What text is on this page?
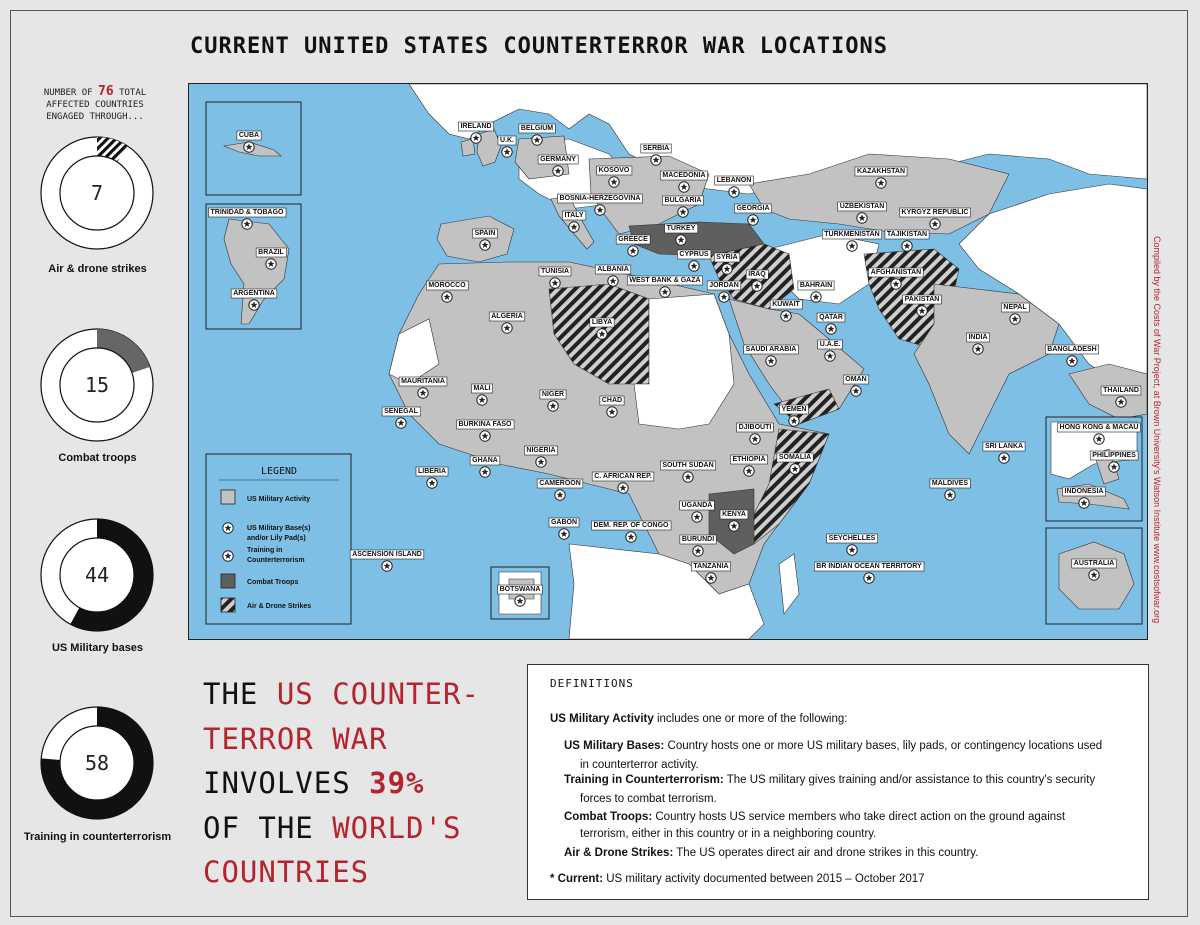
CURRENT UNITED STATES COUNTERTERROR WAR LOCATIONS
NUMBER OF 76 TOTAL AFFECTED COUNTRIES ENGAGED THROUGH...
7
Air & drone strikes
15
Combat troops
44
US Military bases
58
Training in counterterrorism
LEGEND
US Military Activity
US Military Base(s)
and/or Lily Pad(s)
Training in
Counterterrorism
Combat Troops
Air & Drone Strikes
CUBA
TRINIDAD & TOBAGO
BRAZIL
ARGENTINA
IRELAND
U.K.
BELGIUM
GERMANY
SERBIA
KOSOVO
MACEDONIA
BOSNIA-HERZEGOVINA	BULGARIA
LEBANON
GEORGIA
KAZAKHSTAN
UZBEKISTAN
KYRGYZ REPUBLIC
TURKMENISTAN TAJIKISTAN
SPAIN
ITALY
GREECE
TURKEY
CYPRUS SYRIA
IRAQ
ALBANIA
TUNISIA
WEST BANK & GAZA
JORDAN
KUWAIT
BAHRAIN
QATAR
U.A.E.
AFGHANISTAN
PAKISTAN
NEPAL
INDIA
BANGLADESH
MOROCCO
ALGERIA
LIBYA
SAUDI ARABIA
OMAN
YEMEN
MAURITANIA
MALI
NIGER
CHAD
SENEGAL
BURKINA FASO	DJIBOUTI
THAILAND
HONG KONG & MACAU
PHILIPPINES
INDONESIA
AUSTRALIA
LIBERIA
GHANA
NIGERIA
SOUTH SUDAN
ETHIOPIA SOMALIA
SRI LANKA
CAMEROON
C. AFRICAN REP.
MALDIVES
GABON DEM. REP. OF CONGO
UGANDA
KENYA
BURUNDI	SEYCHELLES
ASCENSION ISLAND
TANZANIA	BR INDIAN OCEAN TERRITORY
BOTSWANA	Compiled by the Costs of War Project, at Brown University's Watson Institute www.costsofwar.org
THE US COUNTER-
TERROR WAR
INVOLVES 39%
OF THE WORLD'S
COUNTRIES
DEFINITIONS

US Military Activity includes one or more of the following:

US Military Bases: Country hosts one or more US military bases, lily pads, or contingency locations used

in counterterror activity.

Training in Counterterrorism: The US military gives training and/or assistance to this country's security

forces to combat terrorism.

Combat Troops: Country hosts US service members who take direct action on the ground against

terrorism, either in this country or in a neighboring country.

Air & Drone Strikes: The US operates direct air and drone strikes in this country.

* Current: US military activity documented between 2015 – October 2017
